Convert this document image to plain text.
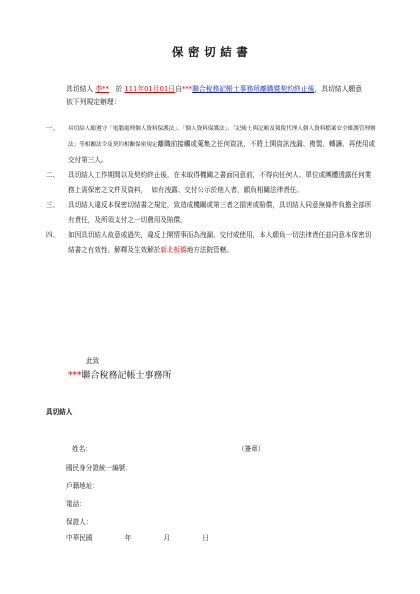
保 密 切 結 書
具切結人 李** 於 111年01月01日自***聯合稅務記帳士事務所離職暨契約終止後，具切結人願意依下列規定辦理：
一、	具切結人願遵守「電腦處理個人資料保護法」、「個人資料保護法」、「記帳士與記帳及報稅代理人個人資料檔案安全維護管理辦法」等相關法令及契約相關保密規定離職前接觸或蒐集之任何資訊，不將上開資訊洩漏、複製、轉讓、再使用或交付第三人。
二、	具切結人工作期間以及契約終止後，在未取得機關之書面同意前，不得向任何人、單位或團體透露任何業務上需保密之文件及資料， 如有洩露、交付公示於他人者，願負相關法律責任。
三、	具切結人違反本保密切結書之規定，致造成機關或第三者之損害或賠償，具切結人同意無條件負擔全部所有責任，及所須支付之一切費用及賠償。
四、	如因具切結人故意或過失，違反上開情事而為洩漏、交付或使用，本人願負一切法律責任並同意本保密切結書之有效性、解釋及生效解於新北板橋地方法院管轄。
此致
***聯合稅務記帳士事務所
具切結人
姓名：	（簽章）
國民身分證統一編號：
戶籍地址：
電話：
保證人：
中華民國	年	月	日
